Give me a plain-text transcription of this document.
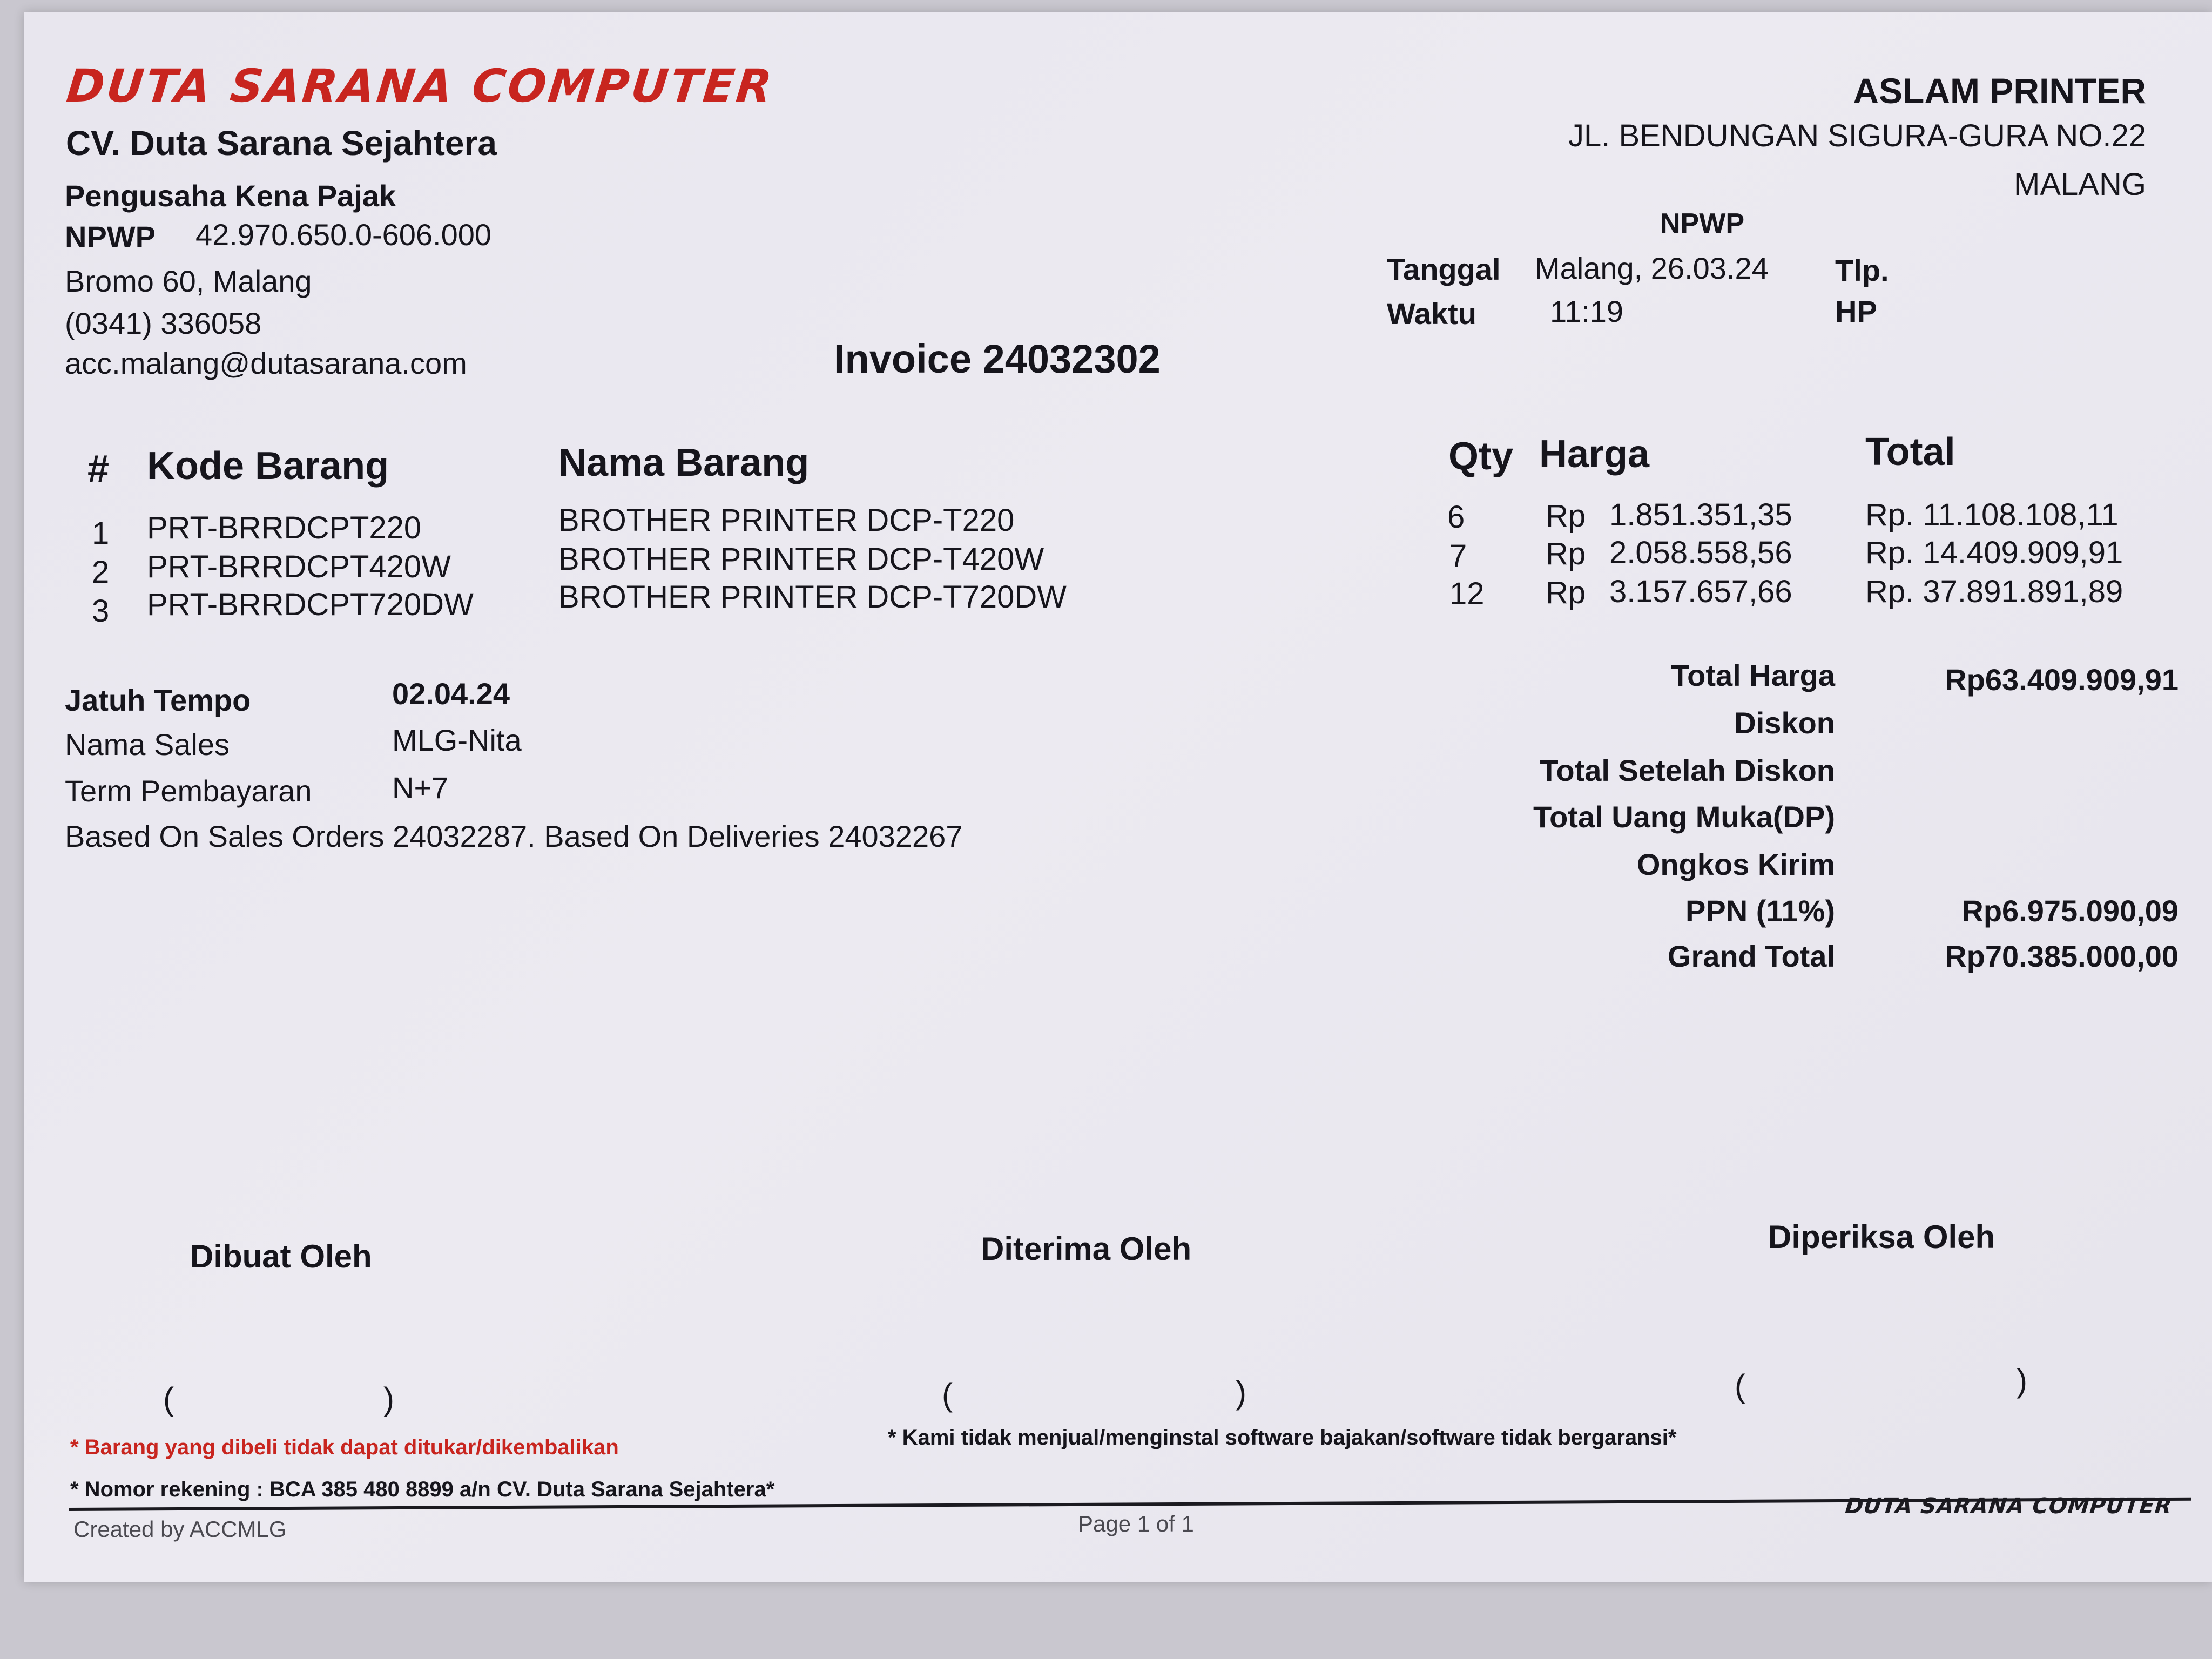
DUTA SARANA COMPUTER
CV. Duta Sarana Sejahtera
Pengusaha Kena Pajak
NPWP 42.970.650.0-606.000
Bromo 60, Malang
(0341) 336058
acc.malang@dutasarana.com
ASLAM PRINTER
JL. BENDUNGAN SIGURA-GURA NO.22
MALANG
NPWP
Tanggal Malang, 26.03.24 Tlp.
Waktu 11:19	HP
Invoice 24032302
# Kode Barang	Nama Barang	Qty Harga	Total
1 PRT-BRRDCPT220	BROTHER PRINTER DCP-T220	6	Rp 1.851.351,35 Rp. 11.108.108,11
2 PRT-BRRDCPT420W	BROTHER PRINTER DCP-T420W	7	Rp 2.058.558,56 Rp. 14.409.909,91
3 PRT-BRRDCPT720DW	BROTHER PRINTER DCP-T720DW	12 Rp 3.157.657,66 Rp. 37.891.891,89
Jatuh Tempo	02.04.24
Nama Sales	MLG-Nita
Term Pembayaran	N+7
Based On Sales Orders 24032287. Based On Deliveries 24032267
Total Harga	Rp63.409.909,91
Diskon
Total Setelah Diskon
Total Uang Muka(DP)
Ongkos Kirim
PPN (11%)	Rp6.975.090,09
Grand Total	Rp70.385.000,00
Dibuat Oleh	Diterima Oleh	Diperiksa Oleh
(	)	(	)	(	)
* Barang yang dibeli tidak dapat ditukar/dikembalikan	* Kami tidak menjual/menginstal software bajakan/software tidak bergaransi*
* Nomor rekening : BCA 385 480 8899 a/n CV. Duta Sarana Sejahtera*
Created by ACCMLG	Page 1 of 1
DUTA SARANA COMPUTER
